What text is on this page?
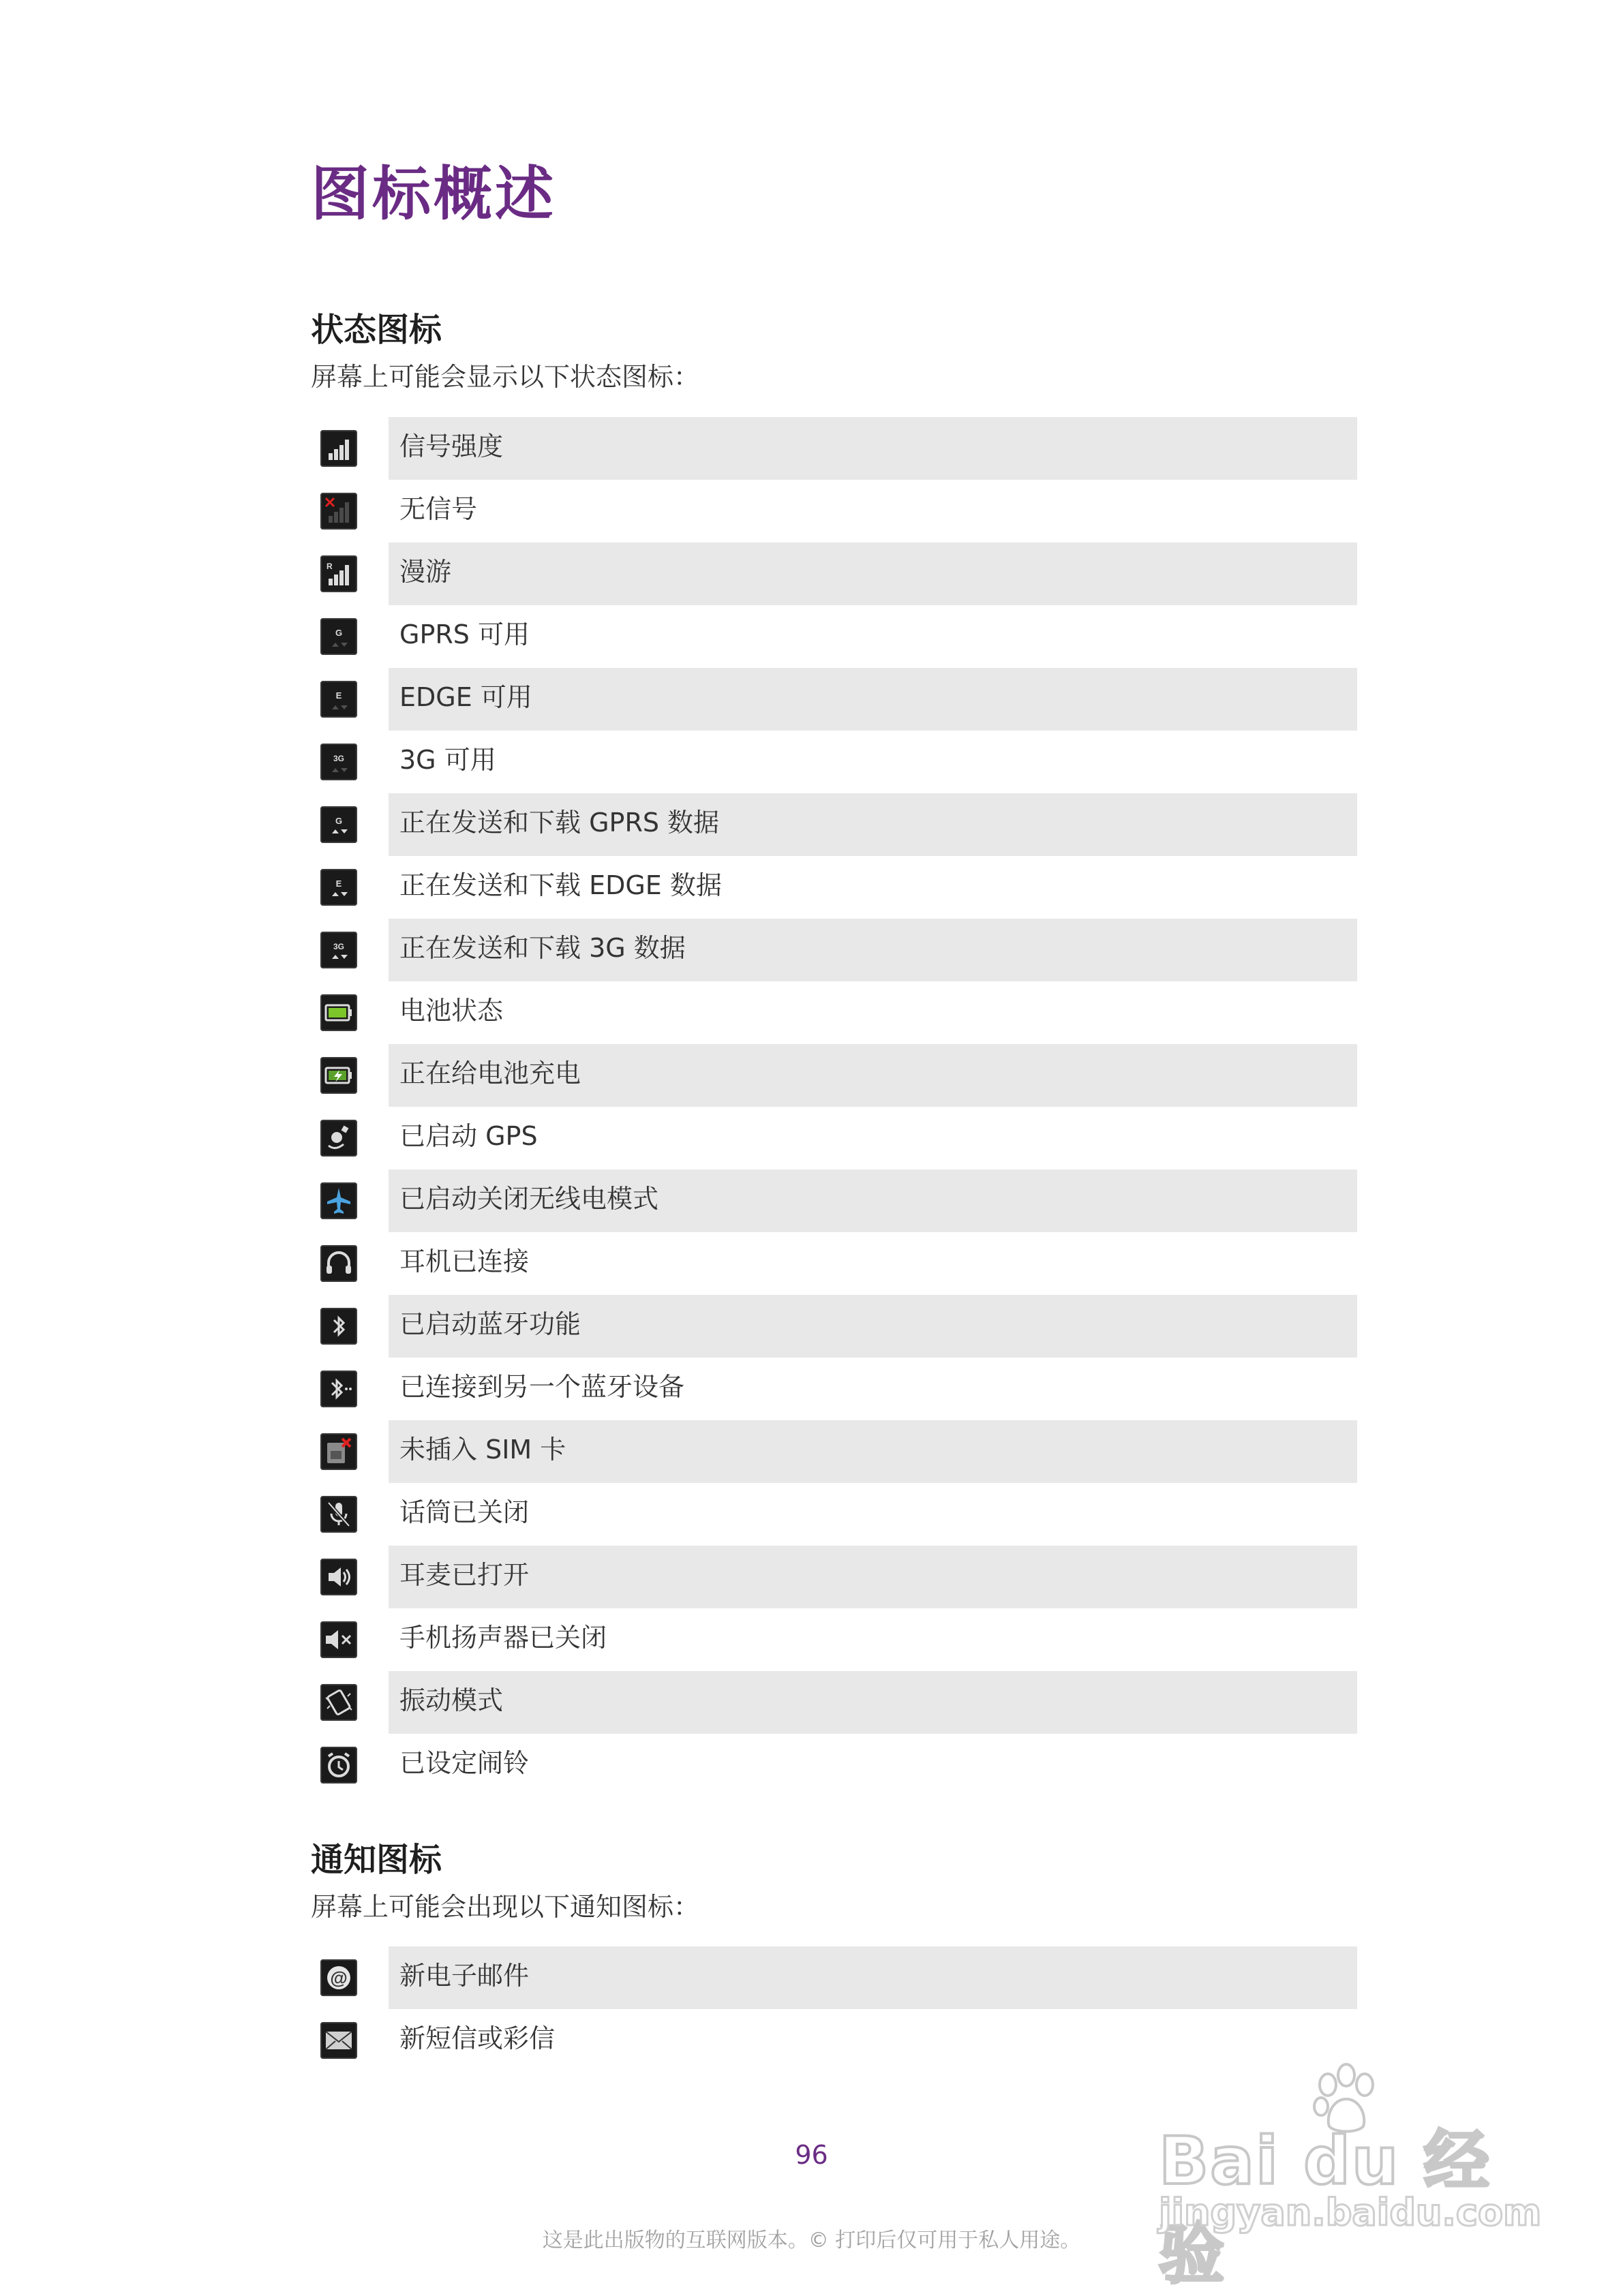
图标概述
状态图标

屏幕上可能会显示以下状态图标：

信号强度
无信号
R	漫游
G GPRS 可用
E EDGE 可用
3G 3G 可用
G 正在发送和下载 GPRS 数据
E 正在发送和下载 EDGE 数据
3G 正在发送和下载 3G 数据
电池状态
正在给电池充电
已启动 GPS
已启动关闭无线电模式
耳机已连接
已启动蓝牙功能
已连接到另一个蓝牙设备
未插入 SIM 卡
话筒已关闭
耳麦已打开
手机扬声器已关闭
振动模式
已设定闹铃
通知图标

屏幕上可能会出现以下通知图标：

@ 新电子邮件
新短信或彩信
96
这是此出版物的互联网版本。© 打印后仅可用于私人用途。
Bai du 经验
jingyan.baidu.com
